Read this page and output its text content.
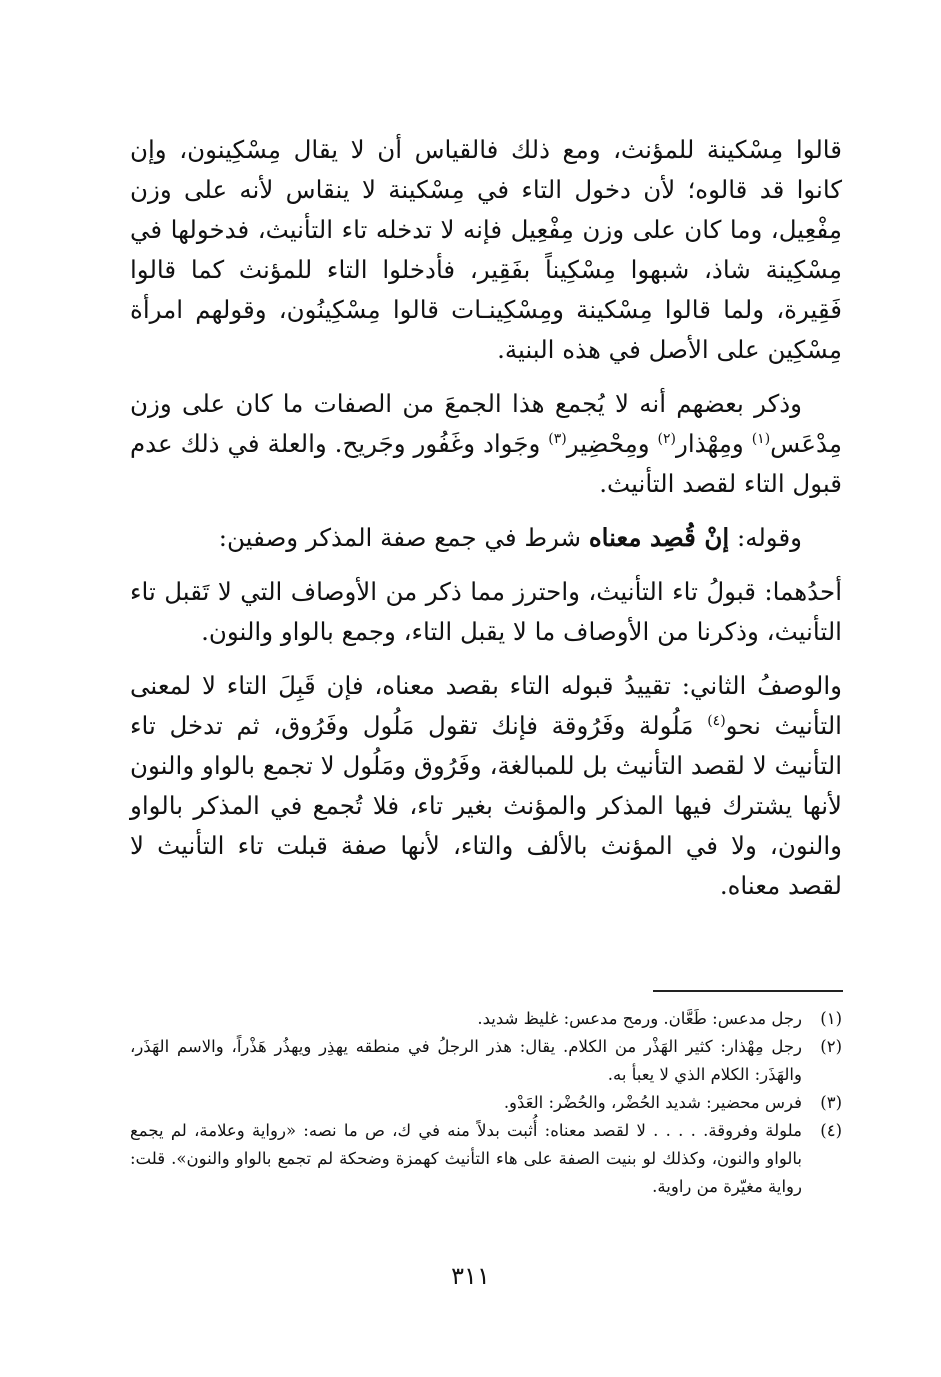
قالوا مِسْكينة للمؤنث، ومع ذلك فالقياس أن لا يقال مِسْكِينون، وإن كانوا قد قالوه؛ لأن دخول التاء في مِسْكينة لا ينقاس لأنه على وزن مِفْعِيل، وما كان على وزن مِفْعِيل فإنه لا تدخله تاء التأنيث، فدخولها في مِسْكِينة شاذ، شبهوا مِسْكِيناً بفَقِير، فأدخلوا التاء للمؤنث كما قالوا فَقِيرة، ولما قالوا مِسْكينة ومِسْكِينـات قالوا مِسْكِينُون، وقولهم امرأة مِسْكِين على الأصل في هذه البنية.

وذكر بعضهم أنه لا يُجمع هذا الجمعَ من الصفات ما كان على وزن مِدْعَس$^{(١)}$ ومِهْذار$^{(٢)}$ ومِحْضِير$^{(٣)}$ وجَواد وغَفُور وجَريح. والعلة في ذلك عدم قبول التاء لقصد التأنيث.

وقوله: إنْ قُصِد معناه شرط في جمع صفة المذكر وصفين:

أحدُهما: قبولُ تاء التأنيث، واحترز مما ذكر من الأوصاف التي لا تَقبل تاء التأنيث، وذكرنا من الأوصاف ما لا يقبل التاء، وجمع بالواو والنون.

والوصفُ الثاني: تقييدُ قبوله التاء بقصد معناه، فإن قَبِلَ التاء لا لمعنى التأنيث نحو$^{(٤)}$ مَلُولة وفَرُوقة فإنك تقول مَلُول وفَرُوق، ثم تدخل تاء التأنيث لا لقصد التأنيث بل للمبالغة، وفَرُوق ومَلُول لا تجمع بالواو والنون لأنها يشترك فيها المذكر والمؤنث بغير تاء، فلا تُجمع في المذكر بالواو والنون، ولا في المؤنث بالألف والتاء، لأنها صفة قبلت تاء التأنيث لا لقصد معناه.

(١)
رجل مدعس: طَعَّان. ورمح مدعس: غليظ شديد.

(٢)
رجل مِهْذار: كثير الهَذْر من الكلام. يقال: هذر الرجلُ في منطقه يهذِر ويهذُر هَذْراً، والاسم الهَذَر، والهَذَر: الكلام الذي لا يعبأ به.

(٣)
فرس محضير: شديد الحُضْر، والحُضْر: العَدْو.

(٤)
ملولة وفروقة. . . . . لا لقصد معناه: أُثبت بدلاً منه في ك، ص ما نصه: «رواية وعلامة، لم يجمع بالواو والنون، وكذلك لو بنيت الصفة على هاء التأنيث كهمزة وضحكة لم تجمع بالواو والنون». قلت: رواية مغيّرة من راوية.

٣١١
